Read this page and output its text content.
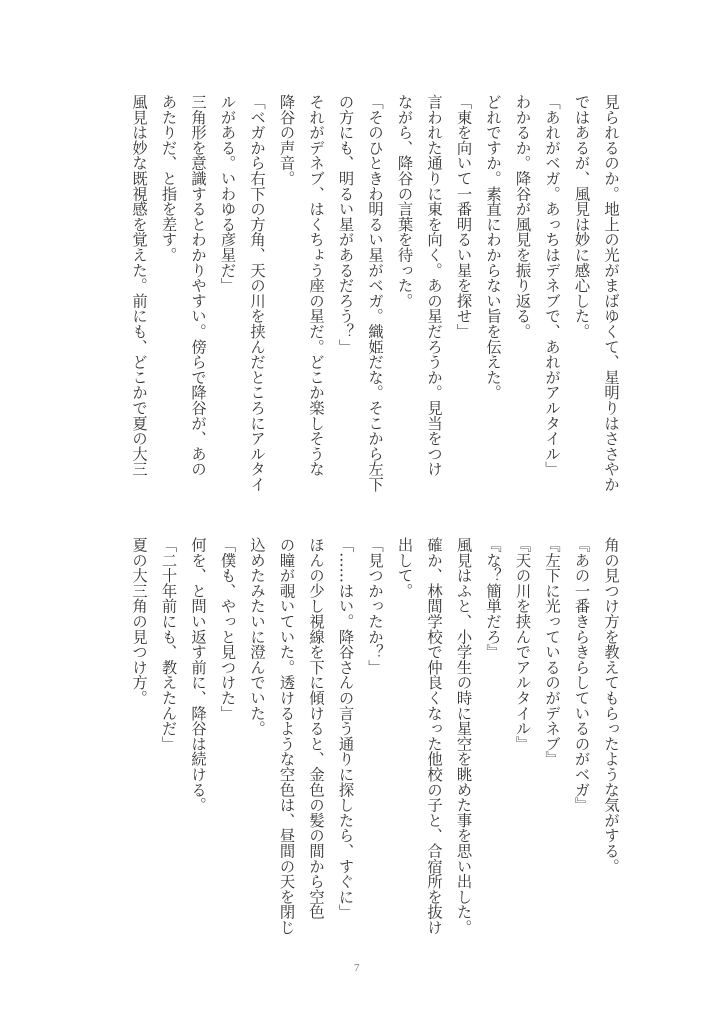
見られるのか。地上の光がまばゆくて、星明りはささやか
ではあるが、風見は妙に感心した。
「あれがベガ。あっちはデネブで、あれがアルタイル」
わかるか。降谷が風見を振り返る。
どれですか。素直にわからない旨を伝えた。
「東を向いて一番明るい星を探せ」
言われた通りに東を向く。あの星だろうか。見当をつけ
ながら、降谷の言葉を待った。
「そのひときわ明るい星がベガ。織姫だな。そこから左下
の方にも、明るい星があるだろう？」
それがデネブ、はくちょう座の星だ。どこか楽しそうな
降谷の声音。
「ベガから右下の方角、天の川を挟んだところにアルタイ
ルがある。いわゆる彦星だ」
三角形を意識するとわかりやすい。傍らで降谷が、あの
あたりだ、と指を差す。
風見は妙な既視感を覚えた。前にも、どこかで夏の大三
角の見つけ方を教えてもらったような気がする。
『あの一番きらきらしているのがベガ』
『左下に光っているのがデネブ』
『天の川を挟んでアルタイル』
『な？簡単だろ』
風見はふと、小学生の時に星空を眺めた事を思い出した。
確か、林間学校で仲良くなった他校の子と、合宿所を抜け
出して。
「見つかったか？」
「……はい。降谷さんの言う通りに探したら、すぐに」
ほんの少し視線を下に傾けると、金色の髪の間から空色
の瞳が覗いていた。透けるような空色は、昼間の天を閉じ
込めたみたいに澄んでいた。
「僕も、やっと見つけた」
何を、と問い返す前に、降谷は続ける。
「二十年前にも、教えたんだ」
夏の大三角の見つけ方。
7
